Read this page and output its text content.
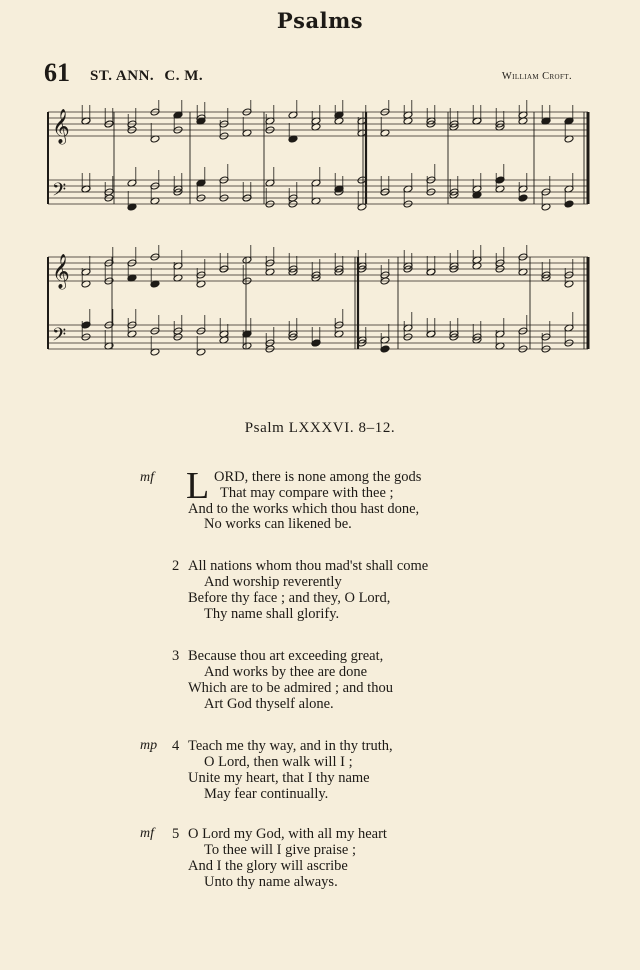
Psalms
61 ST. ANN. C. M.	William Croft.
𝄞
𝄢
𝄞
𝄢
Psalm LXXXVI. 8–12.
mf L ORD, there is none among the gods
That may compare with thee ;
And to the works which thou hast done,
No works can likened be.
2 All nations whom thou mad'st shall come
And worship reverently
Before thy face ; and they, O Lord,
Thy name shall glorify.
3 Because thou art exceeding great,
And works by thee are done
Which are to be admired ; and thou
Art God thyself alone.
mp 4 Teach me thy way, and in thy truth,
O Lord, then walk will I ;
Unite my heart, that I thy name
May fear continually.
mf 5 O Lord my God, with all my heart
To thee will I give praise ;
And I the glory will ascribe
Unto thy name always.
